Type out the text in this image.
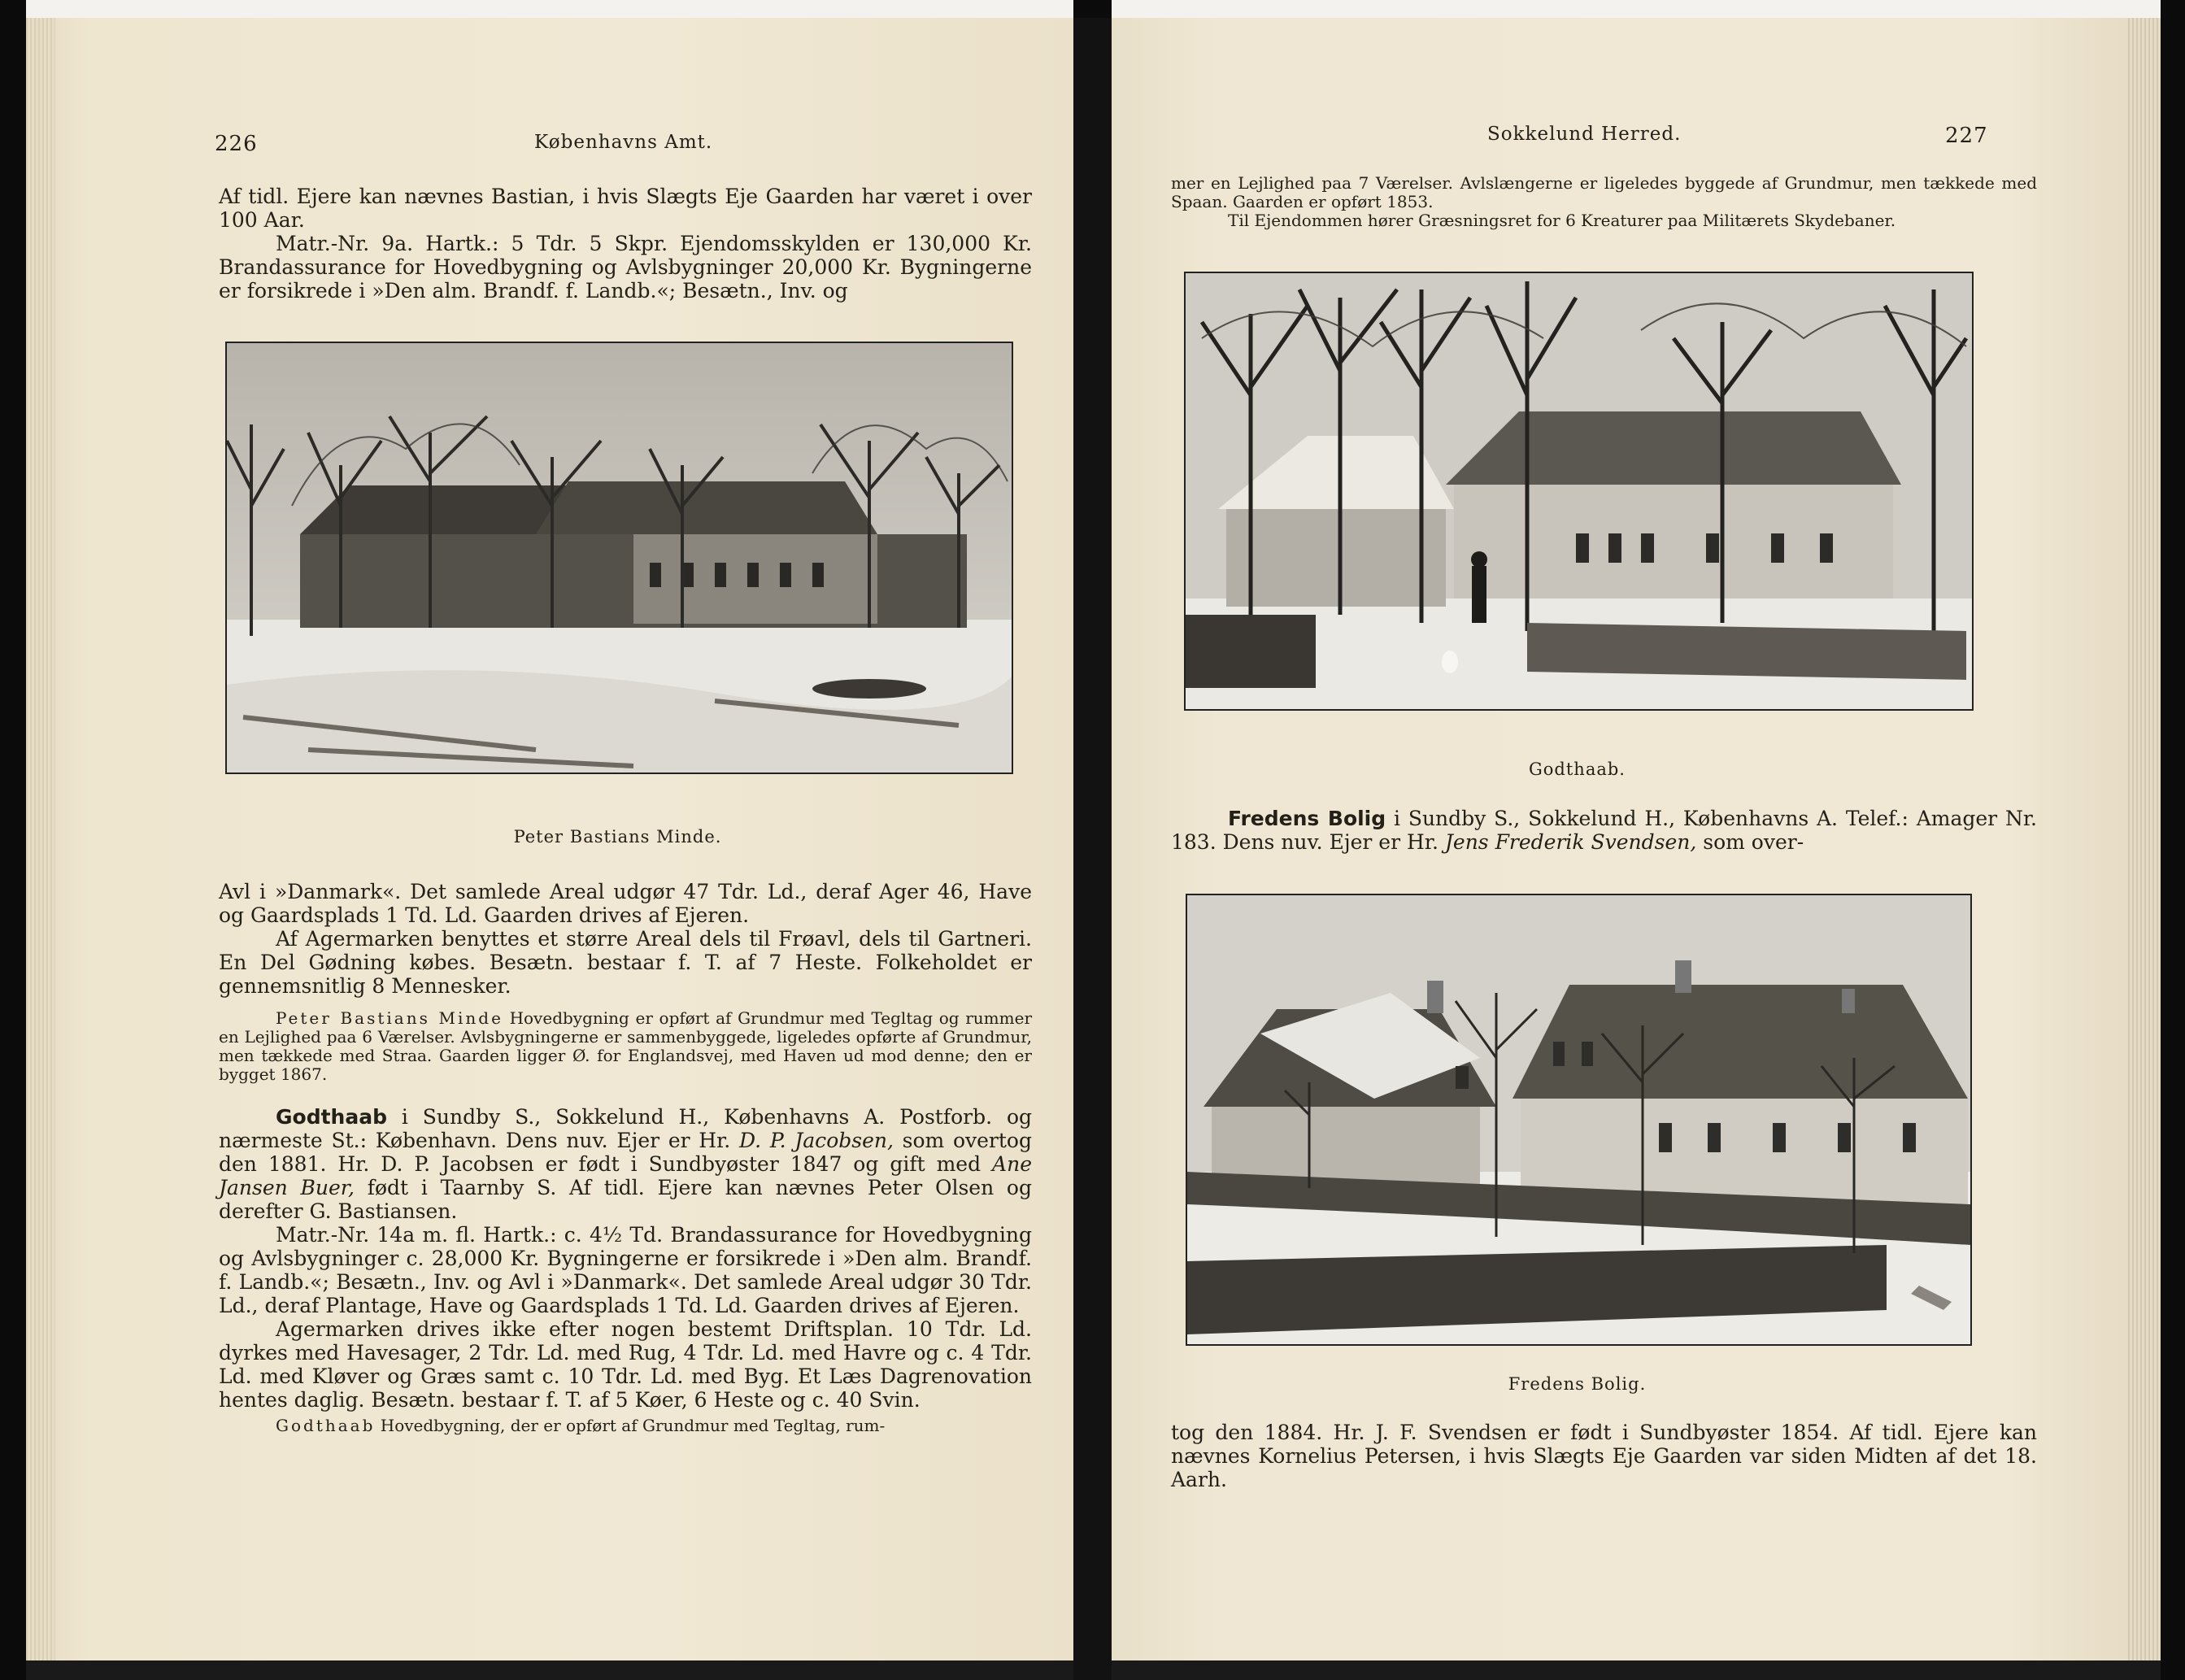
226	Københavns Amt.

Af tidl. Ejere kan nævnes Bastian, i hvis Slægts Eje Gaarden har været i over 100 Aar.

Matr.-Nr. 9a. Hartk.: 5 Tdr. 5 Skpr. Ejendomsskylden er 130,000 Kr. Brandassurance for Hovedbygning og Avlsbygninger 20,000 Kr. Bygningerne er forsikrede i »Den alm. Brandf. f. Landb.«; Besætn., Inv. og

Peter Bastians Minde.

Avl i »Danmark«. Det samlede Areal udgør 47 Tdr. Ld., deraf Ager 46, Have og Gaardsplads 1 Td. Ld. Gaarden drives af Ejeren.

Af Agermarken benyttes et større Areal dels til Frøavl, dels til Gartneri. En Del Gødning købes. Besætn. bestaar f. T. af 7 Heste. Folkeholdet er gennemsnitlig 8 Mennesker.

Peter Bastians Minde Hovedbygning er opført af Grundmur med Tegltag og rummer en Lejlighed paa 6 Værelser. Avlsbygningerne er sammenbyggede, ligeledes opførte af Grundmur, men tækkede med Straa. Gaarden ligger Ø. for Englandsvej, med Haven ud mod denne; den er bygget 1867.

Godthaab i Sundby S., Sokkelund H., Københavns A. Postforb. og nærmeste St.: København. Dens nuv. Ejer er Hr. D. P. Jacobsen, som overtog den 1881. Hr. D. P. Jacobsen er født i Sundbyøster 1847 og gift med Ane Jansen Buer, født i Taarnby S. Af tidl. Ejere kan nævnes Peter Olsen og derefter G. Bastiansen.

Matr.-Nr. 14a m. fl. Hartk.: c. 4½ Td. Brandassurance for Hovedbygning og Avlsbygninger c. 28,000 Kr. Bygningerne er forsikrede i »Den alm. Brandf. f. Landb.«; Besætn., Inv. og Avl i »Danmark«. Det samlede Areal udgør 30 Tdr. Ld., deraf Plantage, Have og Gaardsplads 1 Td. Ld. Gaarden drives af Ejeren.

Agermarken drives ikke efter nogen bestemt Driftsplan. 10 Tdr. Ld. dyrkes med Havesager, 2 Tdr. Ld. med Rug, 4 Tdr. Ld. med Havre og c. 4 Tdr. Ld. med Kløver og Græs samt c. 10 Tdr. Ld. med Byg. Et Læs Dagrenovation hentes daglig. Besætn. bestaar f. T. af 5 Køer, 6 Heste og c. 40 Svin.

Godthaab Hovedbygning, der er opført af Grundmur med Tegltag, rum-

Sokkelund Herred.	227

mer en Lejlighed paa 7 Værelser. Avlslængerne er ligeledes byggede af Grundmur, men tækkede med Spaan. Gaarden er opført 1853.

Til Ejendommen hører Græsningsret for 6 Kreaturer paa Militærets Skydebaner.

Godthaab.

Fredens Bolig i Sundby S., Sokkelund H., Københavns A. Telef.: Amager Nr. 183. Dens nuv. Ejer er Hr. Jens Frederik Svendsen, som over-

Fredens Bolig.

tog den 1884. Hr. J. F. Svendsen er født i Sundbyøster 1854. Af tidl. Ejere kan nævnes Kornelius Petersen, i hvis Slægts Eje Gaarden var siden Midten af det 18. Aarh.
